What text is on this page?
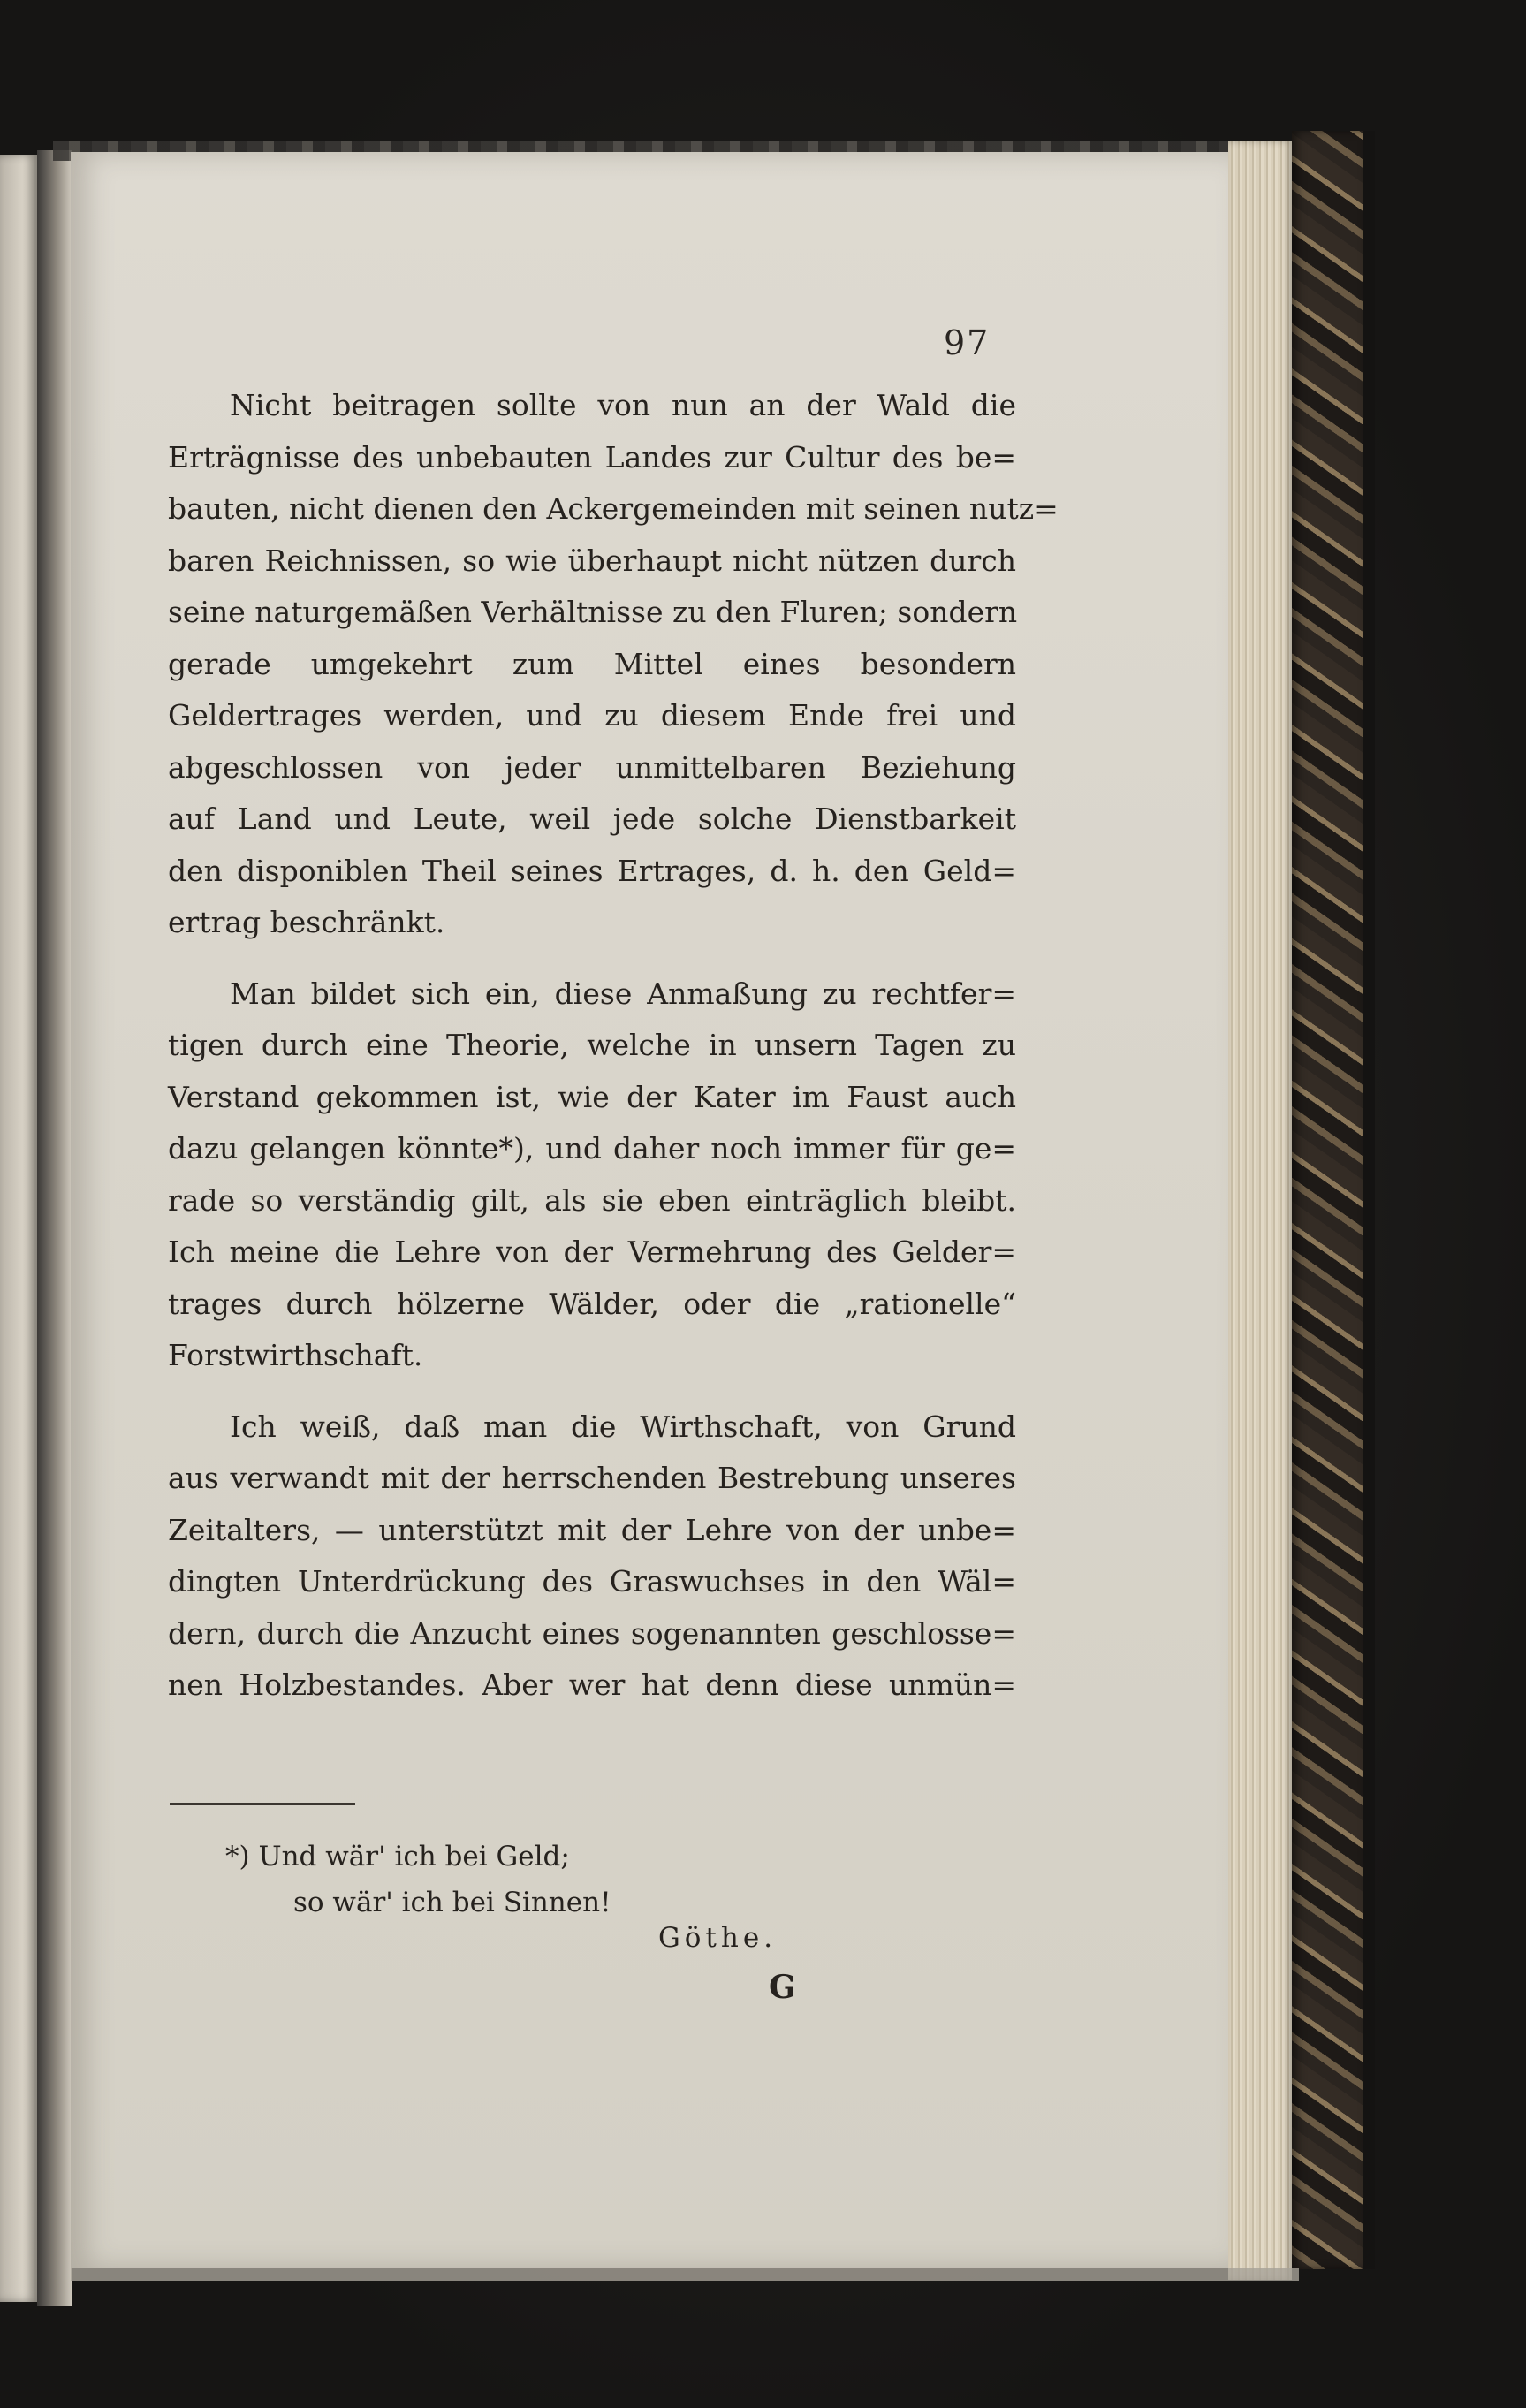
97
Nicht beitragen sollte von nun an der Wald die
Erträgnisse des unbebauten Landes zur Cultur des be=
bauten, nicht dienen den Ackergemeinden mit seinen nutz=
baren Reichnissen, so wie überhaupt nicht nützen durch
seine naturgemäßen Verhältnisse zu den Fluren; sondern
gerade umgekehrt zum Mittel eines besondern
Geldertrages werden, und zu diesem Ende frei und
abgeschlossen von jeder unmittelbaren Beziehung
auf Land und Leute, weil jede solche Dienstbarkeit
den disponiblen Theil seines Ertrages, d. h. den Geld=
ertrag beschränkt.
Man bildet sich ein, diese Anmaßung zu rechtfer=
tigen durch eine Theorie, welche in unsern Tagen zu
Verstand gekommen ist, wie der Kater im Faust auch
dazu gelangen könnte*), und daher noch immer für ge=
rade so verständig gilt, als sie eben einträglich bleibt.
Ich meine die Lehre von der Vermehrung des Gelder=
trages durch hölzerne Wälder, oder die „rationelle“
Forstwirthschaft.
Ich weiß, daß man die Wirthschaft, von Grund
aus verwandt mit der herrschenden Bestrebung unseres
Zeitalters, — unterstützt mit der Lehre von der unbe=
dingten Unterdrückung des Graswuchses in den Wäl=
dern, durch die Anzucht eines sogenannten geschlosse=
nen Holzbestandes. Aber wer hat denn diese unmün=
*) Und wär' ich bei Geld;
so wär' ich bei Sinnen!
Göthe.
G
